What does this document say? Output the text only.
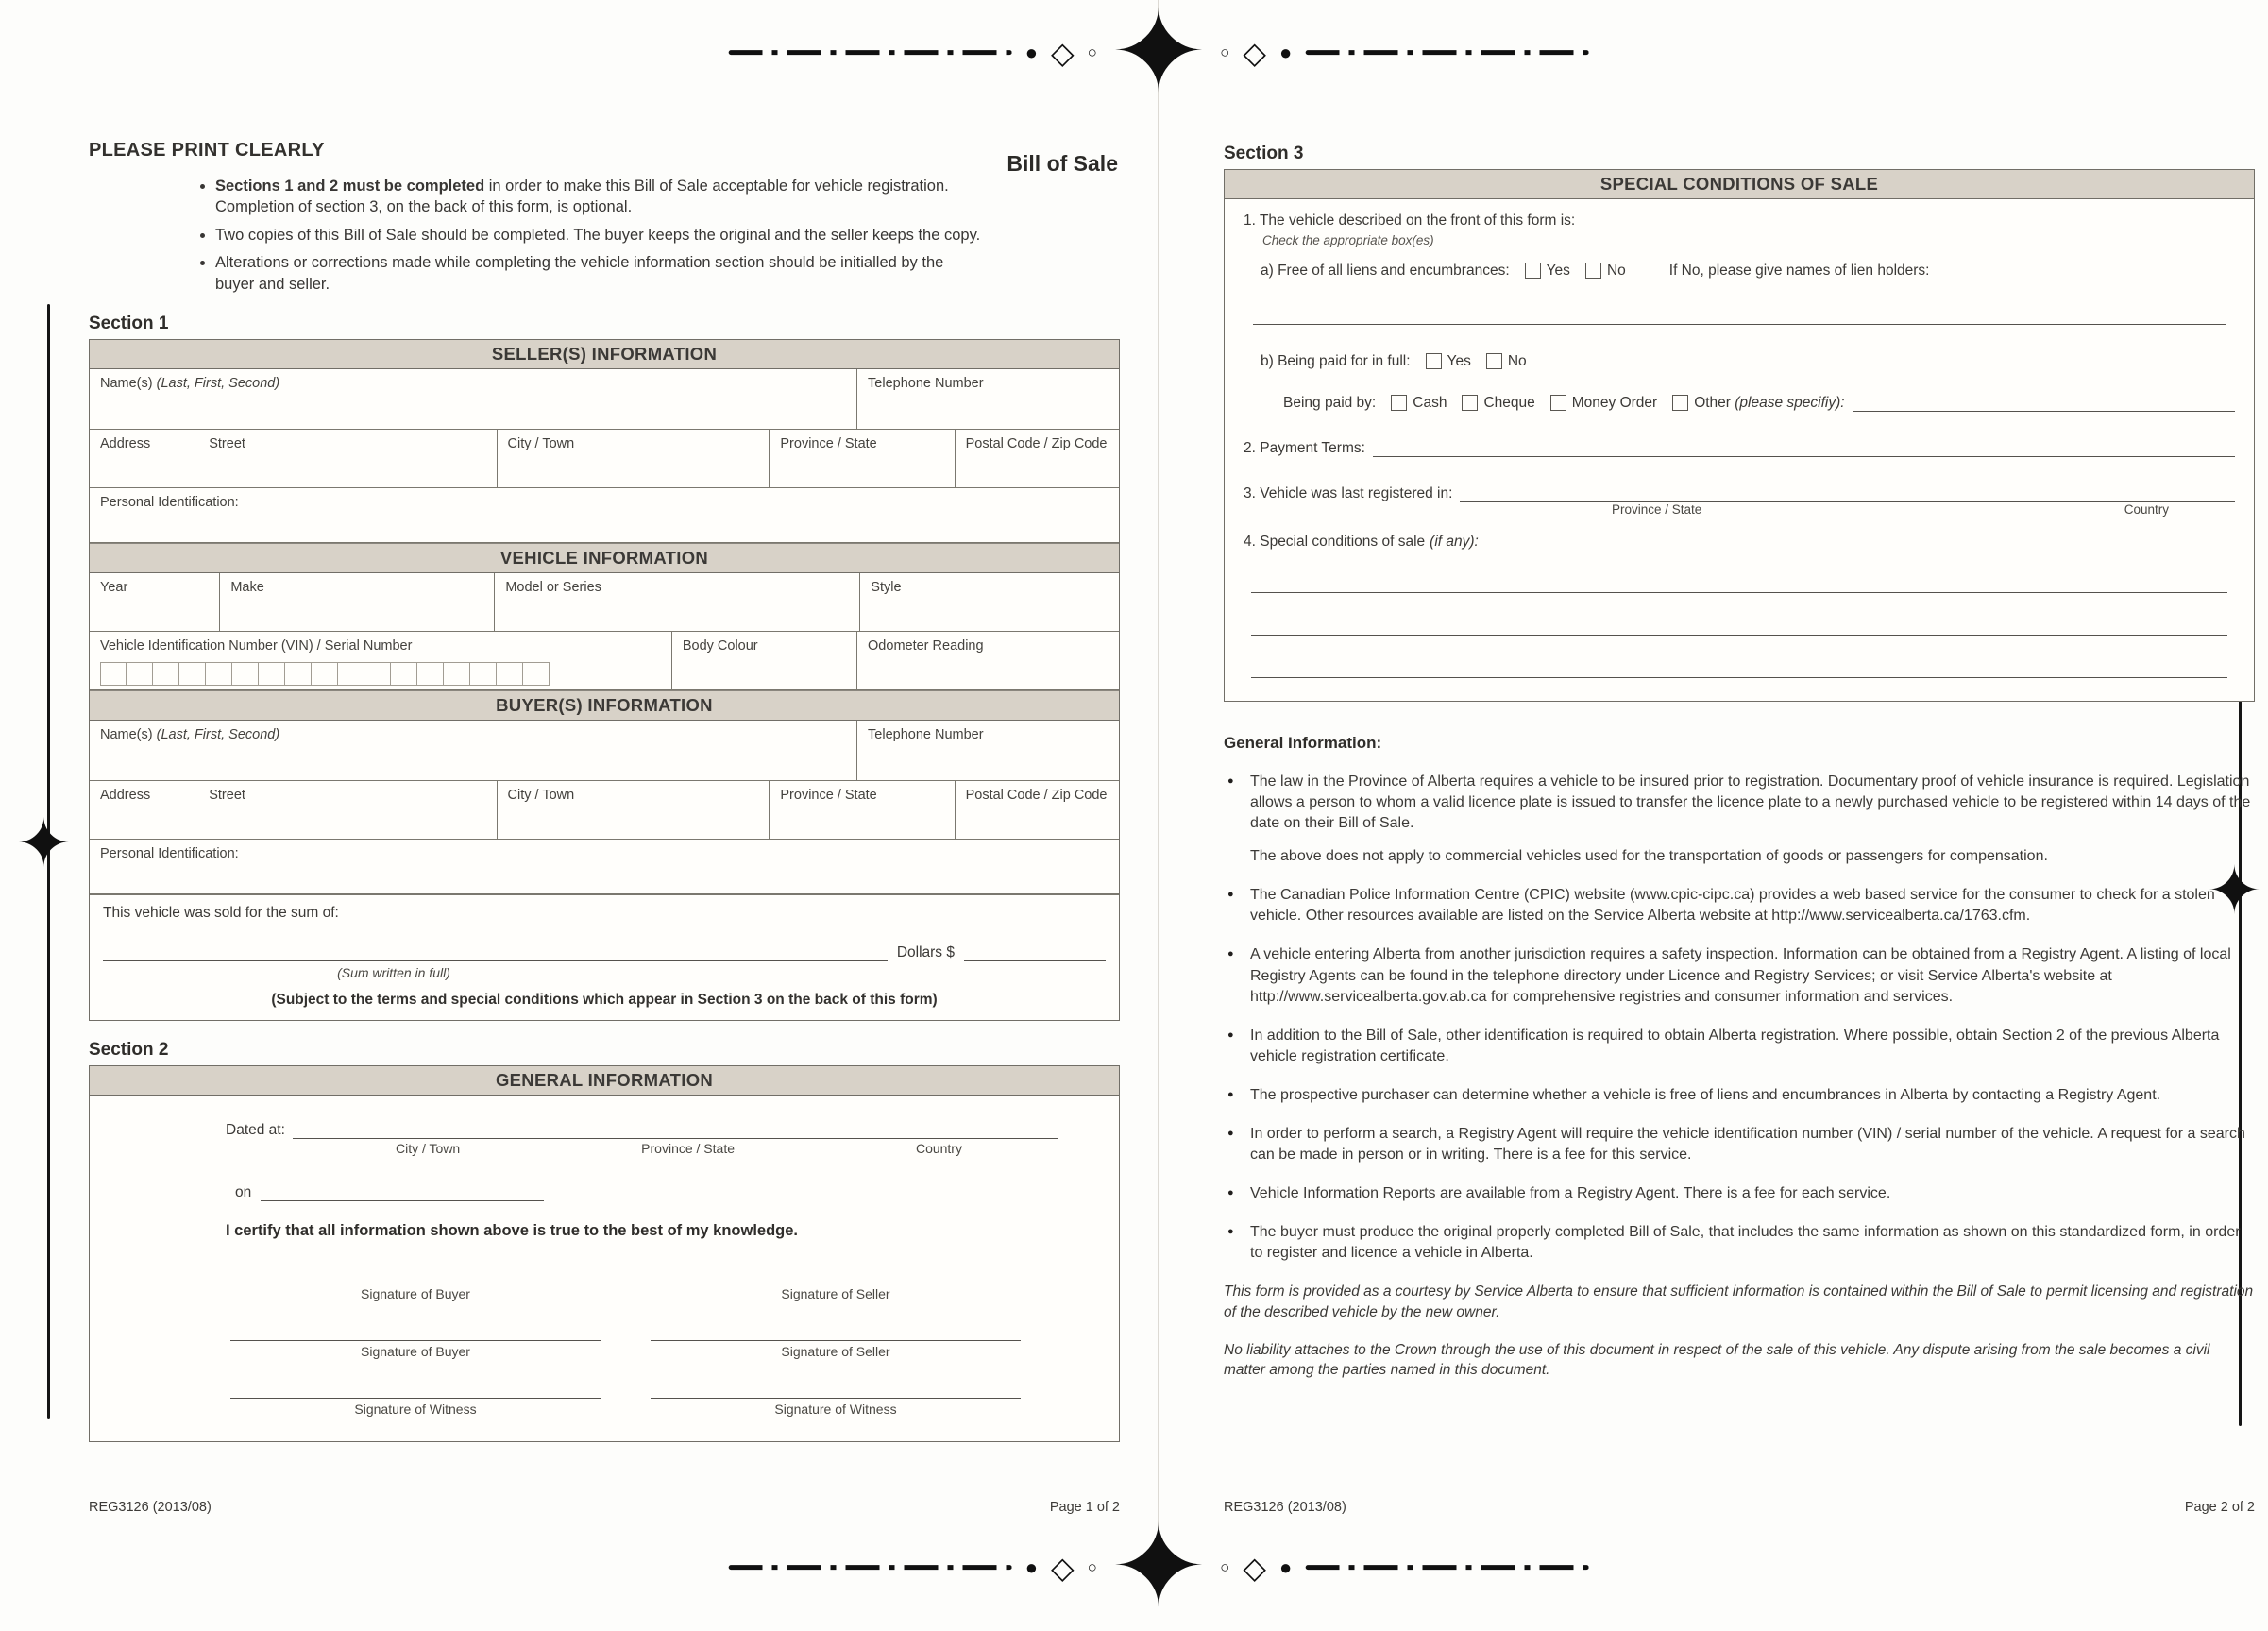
● ◇ ○ ✦ ○ ◇ ●
● ◇ ○ ✦ ○ ◇ ●
✦
✦
PLEASE PRINT CLEARLY
Bill of Sale
• Sections 1 and 2 must be completed in order to make this Bill of Sale acceptable for vehicle registration. Completion of section 3, on the back of this form, is optional.
• Two copies of this Bill of Sale should be completed. The buyer keeps the original and the seller keeps the copy.
• Alterations or corrections made while completing the vehicle information section should be initialled by the buyer and seller.
Section 1
SELLER(S) INFORMATION
Name(s) (Last, First, Second)	Telephone Number
Address	Street	City / Town	Province / State	Postal Code / Zip Code
Personal Identification:
VEHICLE INFORMATION
Year	Make	Model or Series	Style
Vehicle Identification Number (VIN) / Serial Number	Body Colour	Odometer Reading
BUYER(S) INFORMATION
Name(s) (Last, First, Second)	Telephone Number
Address	Street	City / Town	Province / State	Postal Code / Zip Code
Personal Identification:
This vehicle was sold for the sum of:
Dollars $
(Sum written in full)
(Subject to the terms and special conditions which appear in Section 3 on the back of this form)
Section 2
GENERAL INFORMATION
Dated at:
City / Town	Province / State	Country
on
I certify that all information shown above is true to the best of my knowledge.
Signature of Buyer	Signature of Seller
Signature of Buyer	Signature of Seller
Signature of Witness	Signature of Witness
REG3126 (2013/08)	Page 1 of 2
Section 3
SPECIAL CONDITIONS OF SALE
1. The vehicle described on the front of this form is:
Check the appropriate box(es)
a) Free of all liens and encumbrances:	Yes	No	If No, please give names of lien holders:
b) Being paid for in full:	Yes	No
Being paid by:	Cash	Cheque	Money Order	Other
(please specifiy):
2. Payment Terms:
3. Vehicle was last registered in:
Province / State	Country
4. Special conditions of sale (if any):
General Information:
● The law in the Province of Alberta requires a vehicle to be insured prior to registration. Documentary proof of vehicle insurance is required. Legislation allows a person to whom a valid licence plate is issued to transfer the licence plate to a newly purchased vehicle to be registered within 14 days of the date on their Bill of Sale.

The above does not apply to commercial vehicles used for the transportation of goods or passengers for compensation.

● The Canadian Police Information Centre (CPIC) website (www.cpic-cipc.ca) provides a web based service for the consumer to check for a stolen vehicle. Other resources available are listed on the Service Alberta website at http://www.servicealberta.ca/1763.cfm.
● A vehicle entering Alberta from another jurisdiction requires a safety inspection. Information can be obtained from a Registry Agent. A listing of local Registry Agents can be found in the telephone directory under Licence and Registry Services; or visit Service Alberta's website at http://www.servicealberta.gov.ab.ca for comprehensive registries and consumer information and services.
● In addition to the Bill of Sale, other identification is required to obtain Alberta registration. Where possible, obtain Section 2 of the previous Alberta vehicle registration certificate.
● The prospective purchaser can determine whether a vehicle is free of liens and encumbrances in Alberta by contacting a Registry Agent.
● In order to perform a search, a Registry Agent will require the vehicle identification number (VIN) / serial number of the vehicle. A request for a search can be made in person or in writing. There is a fee for this service.
● Vehicle Information Reports are available from a Registry Agent. There is a fee for each service.
● The buyer must produce the original properly completed Bill of Sale, that includes the same information as shown on this standardized form, in order to register and licence a vehicle in Alberta.

This form is provided as a courtesy by Service Alberta to ensure that sufficient information is contained within the Bill of Sale to permit licensing and registration of the described vehicle by the new owner.

No liability attaches to the Crown through the use of this document in respect of the sale of this vehicle. Any dispute arising from the sale becomes a civil matter among the parties named in this document.

REG3126 (2013/08)	Page 2 of 2
